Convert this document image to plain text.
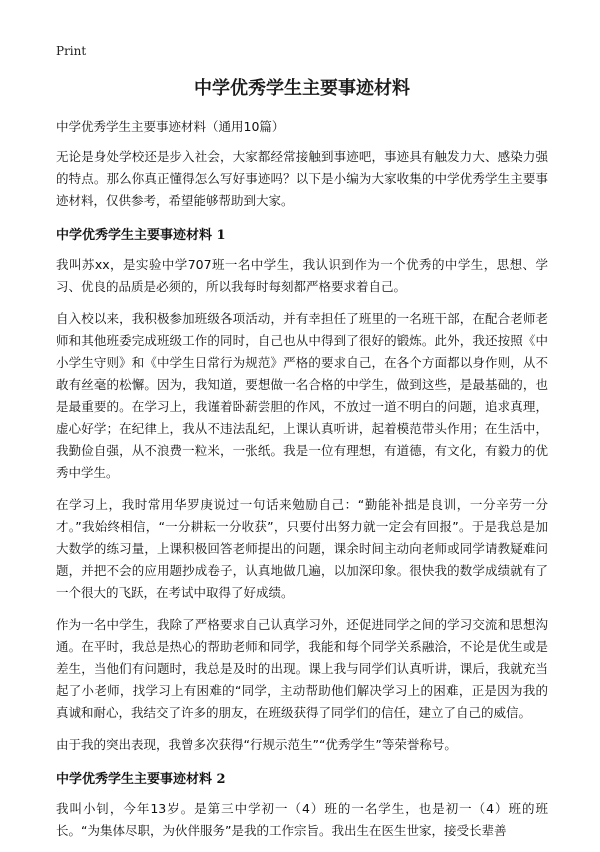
Print
中学优秀学生主要事迹材料

中学优秀学生主要事迹材料（通用10篇）

无论是身处学校还是步入社会，大家都经常接触到事迹吧，事迹具有触发力大、感染力强的特点。那么你真正懂得怎么写好事迹吗？以下是小编为大家收集的中学优秀学生主要事迹材料，仅供参考，希望能够帮助到大家。

中学优秀学生主要事迹材料 1

我叫苏xx，是实验中学707班一名中学生，我认识到作为一个优秀的中学生，思想、学习、优良的品质是必须的，所以我每时每刻都严格要求着自己。

自入校以来，我积极参加班级各项活动，并有幸担任了班里的一名班干部，在配合老师老师和其他班委完成班级工作的同时，自己也从中得到了很好的锻炼。此外，我还按照《中小学生守则》和《中学生日常行为规范》严格的要求自己，在各个方面都以身作则，从不敢有丝毫的松懈。因为，我知道，要想做一名合格的中学生，做到这些，是最基础的，也是最重要的。在学习上，我谨着卧薪尝胆的作风，不放过一道不明白的问题，追求真理，虚心好学；在纪律上，我从不违法乱纪，上课认真听讲，起着模范带头作用；在生活中，我勤俭自强，从不浪费一粒米，一张纸。我是一位有理想，有道德，有文化，有毅力的优秀中学生。

在学习上，我时常用华罗庚说过一句话来勉励自己：“勤能补拙是良训，一分辛劳一分才。”我始终相信，“一分耕耘一分收获”，只要付出努力就一定会有回报”。于是我总是加大数学的练习量，上课积极回答老师提出的问题，课余时间主动向老师或同学请教疑难问题，并把不会的应用题抄成卷子，认真地做几遍，以加深印象。很快我的数学成绩就有了一个很大的飞跃，在考试中取得了好成绩。

作为一名中学生，我除了严格要求自己认真学习外，还促进同学之间的学习交流和思想沟通。在平时，我总是热心的帮助老师和同学，我能和每个同学关系融洽，不论是优生或是差生，当他们有问题时，我总是及时的出现。课上我与同学们认真听讲，课后，我就充当起了小老师，找学习上有困难的“同学，主动帮助他们解决学习上的困难，正是因为我的真诚和耐心，我结交了许多的朋友，在班级获得了同学们的信任，建立了自己的威信。

由于我的突出表现，我曾多次获得“行规示范生”“优秀学生”等荣誉称号。

中学优秀学生主要事迹材料 2

我叫小钊，今年13岁。是第三中学初一（4）班的一名学生，也是初一（4）班的班长。“为集体尽职，为伙伴服务”是我的工作宗旨。我出生在医生世家，接受长辈善
